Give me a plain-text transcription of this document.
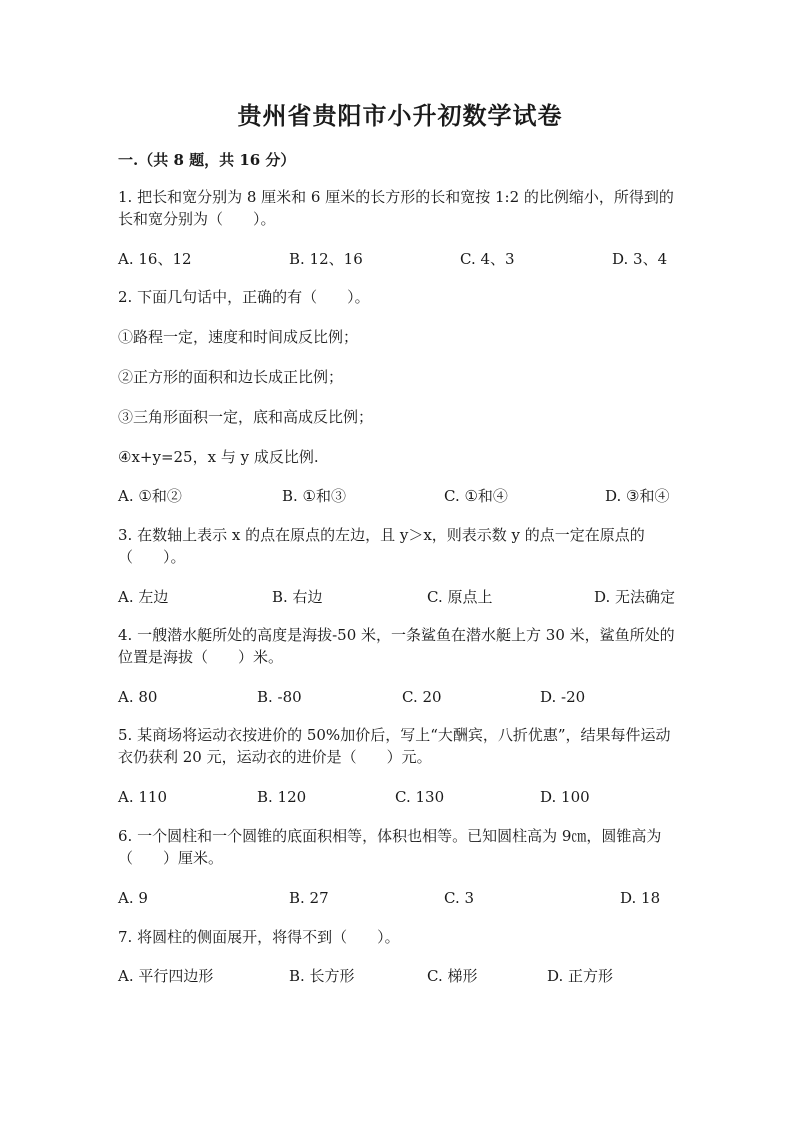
贵州省贵阳市小升初数学试卷
一.（共 8 题，共 16 分）
1. 把长和宽分别为 8 厘米和 6 厘米的长方形的长和宽按 1:2 的比例缩小，所得到的长和宽分别为（　　）。
A. 16、12	B. 12、16	C. 4、3	D. 3、4
2. 下面几句话中，正确的有（　　）。
①路程一定，速度和时间成反比例；
②正方形的面积和边长成正比例；
③三角形面积一定，底和高成反比例；
④x+y=25，x 与 y 成反比例.
A. ①和②	B. ①和③	C. ①和④	D. ③和④
3. 在数轴上表示 x 的点在原点的左边，且 y＞x，则表示数 y 的点一定在原点的（　　）。
A. 左边	B. 右边	C. 原点上	D. 无法确定
4. 一艘潜水艇所处的高度是海拔-50 米，一条鲨鱼在潜水艇上方 30 米，鲨鱼所处的位置是海拔（　　）米。
A. 80	B. -80	C. 20	D. -20
5. 某商场将运动衣按进价的 50%加价后，写上“大酬宾，八折优惠”，结果每件运动衣仍获利 20 元，运动衣的进价是（　　）元。
A. 110	B. 120	C. 130	D. 100
6. 一个圆柱和一个圆锥的底面积相等，体积也相等。已知圆柱高为 9㎝，圆锥高为（　　）厘米。
A. 9	B. 27	C. 3	D. 18
7. 将圆柱的侧面展开，将得不到（　　）。
A. 平行四边形	B. 长方形	C. 梯形	D. 正方形
